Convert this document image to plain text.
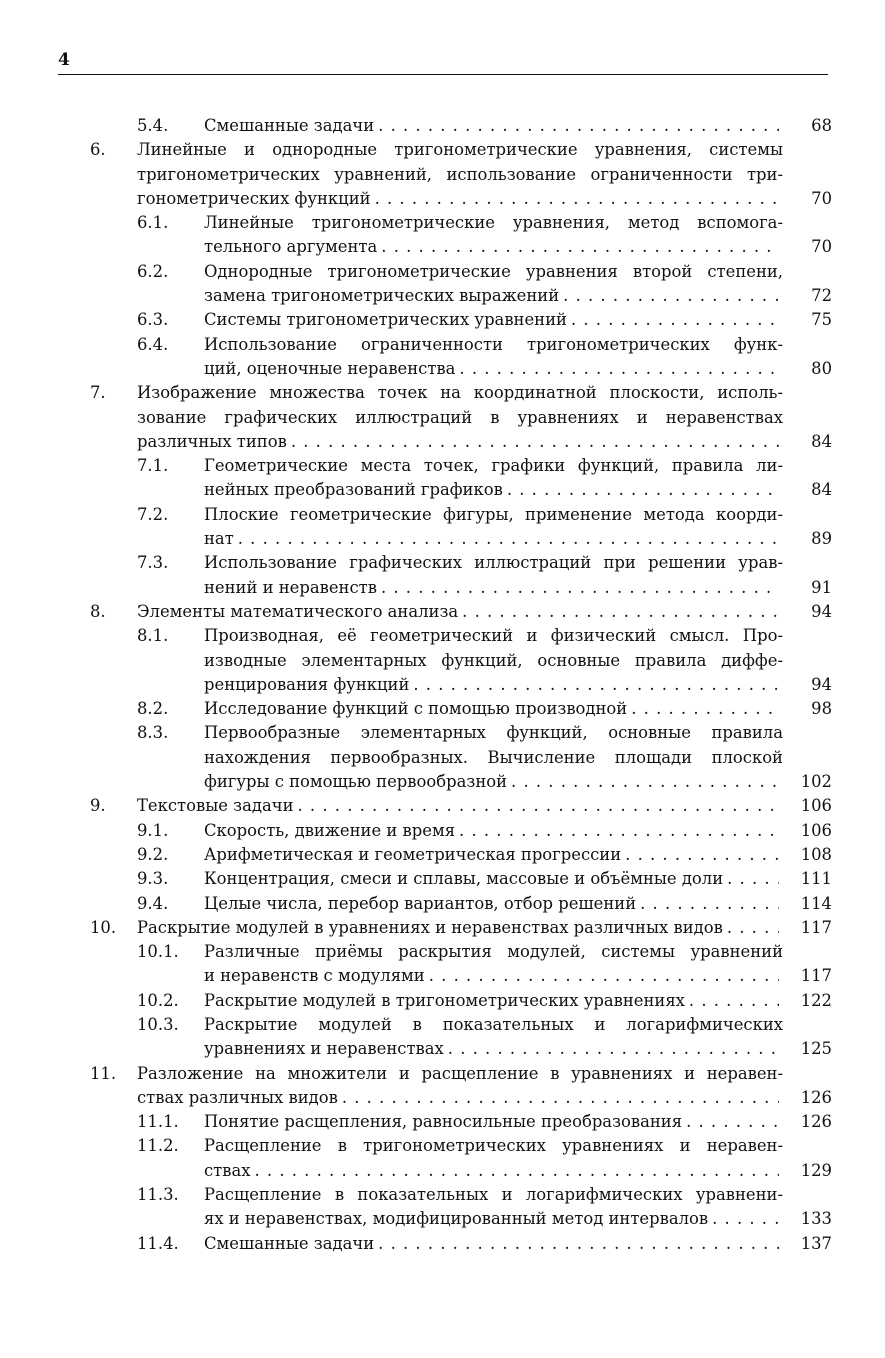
4
5.4. Смешанные задачи . . .	68
6. Линейные и однородные тригонометрические уравнения, системы
тригонометрических уравнений, использование ограниченности три-
гонометрических функций . . .	70
6.1. Линейные тригонометрические уравнения, метод вспомога-
тельного аргумента . . .	70
6.2. Однородные тригонометрические уравнения второй степени,
замена тригонометрических выражений . . .	72
6.3. Системы тригонометрических уравнений . . .	75
6.4. Использование ограниченности тригонометрических функ-
ций, оценочные неравенства . . .	80
7. Изображение множества точек на координатной плоскости, исполь-
зование графических иллюстраций в уравнениях и неравенствах
различных типов . . .	84
7.1. Геометрические места точек, графики функций, правила ли-
нейных преобразований графиков . . .	84
7.2. Плоские геометрические фигуры, применение метода коорди-
нат . . .	89
7.3. Использование графических иллюстраций при решении урав-
нений и неравенств . . .	91
8. Элементы математического анализа . . .	94
8.1. Производная, её геометрический и физический смысл. Про-
изводные элементарных функций, основные правила диффе-
ренцирования функций . . .	94
8.2. Исследование функций с помощью производной . . .	98
8.3. Первообразные элементарных функций, основные правила
нахождения первообразных. Вычисление площади плоской
фигуры с помощью первообразной . . .	102
9. Текстовые задачи . . .	106
9.1. Скорость, движение и время . . .	106
9.2. Арифметическая и геометрическая прогрессии . . .	108
9.3. Концентрация, смеси и сплавы, массовые и объёмные доли . . .	111
9.4. Целые числа, перебор вариантов, отбор решений . . .	114
10. Раскрытие модулей в уравнениях и неравенствах различных видов . . .	117
10.1. Различные приёмы раскрытия модулей, системы уравнений
и неравенств с модулями . . .	117
10.2. Раскрытие модулей в тригонометрических уравнениях . . .	122
10.3. Раскрытие модулей в показательных и логарифмических
уравнениях и неравенствах . . .	125
11. Разложение на множители и расщепление в уравнениях и нерaвен-
ствах различных видов . . .	126
11.1. Понятие расщепления, равносильные преобразования . . .	126
11.2. Расщепление в тригонометрических уравнениях и нерaвен-
ствах . . .	129
11.3. Расщепление в показательных и логарифмических уравнени-
ях и неравенствах, модифицированный метод интервалов . . .	133
11.4. Смешанные задачи . . .	137
